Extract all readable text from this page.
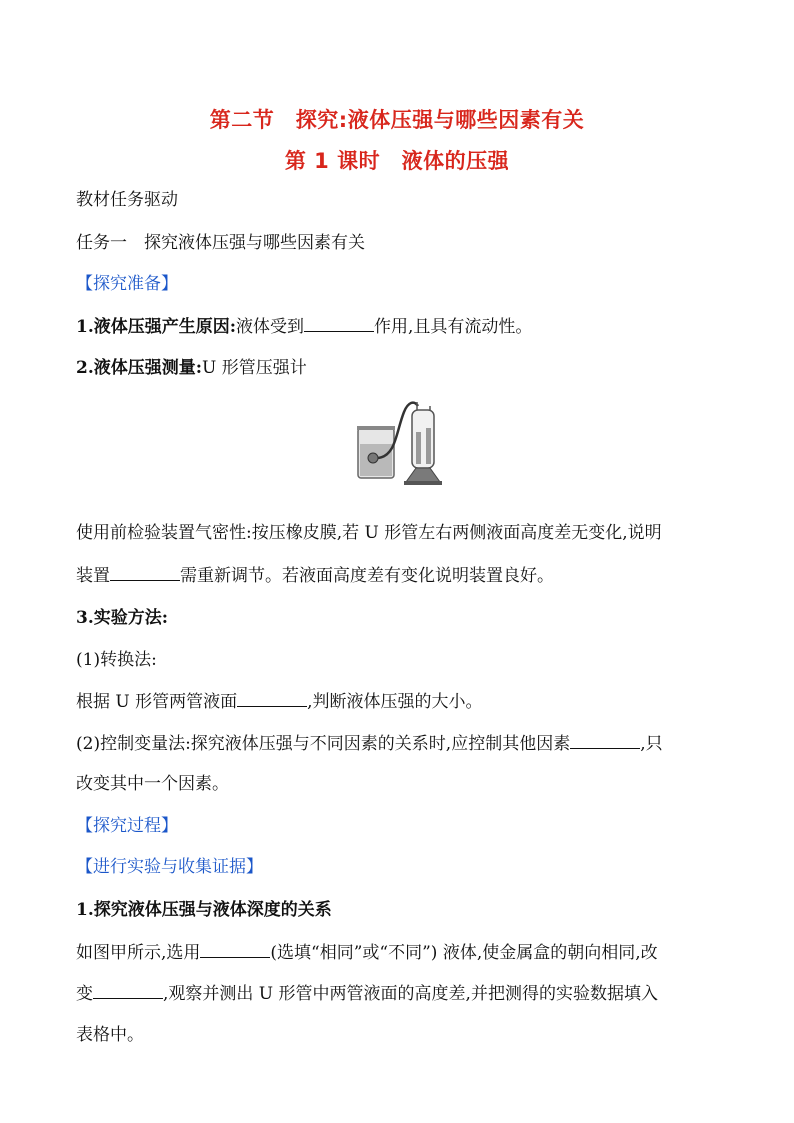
第二节　探究:液体压强与哪些因素有关
第 1 课时　液体的压强
教材任务驱动
任务一　探究液体压强与哪些因素有关
【探究准备】
1.液体压强产生原因:液体受到	作用,且具有流动性。
2.液体压强测量:U 形管压强计
使用前检验装置气密性:按压橡皮膜,若 U 形管左右两侧液面高度差无变化,说明
装置	需重新调节。若液面高度差有变化说明装置良好。
3.实验方法:
(1)转换法:
根据 U 形管两管液面	,判断液体压强的大小。
(2)控制变量法:探究液体压强与不同因素的关系时,应控制其他因素	,只
改变其中一个因素。
【探究过程】
【进行实验与收集证据】
1.探究液体压强与液体深度的关系
如图甲所示,选用	(选填“相同”或“不同”) 液体,使金属盒的朝向相同,改
变	,观察并测出 U 形管中两管液面的高度差,并把测得的实验数据填入
表格中。
